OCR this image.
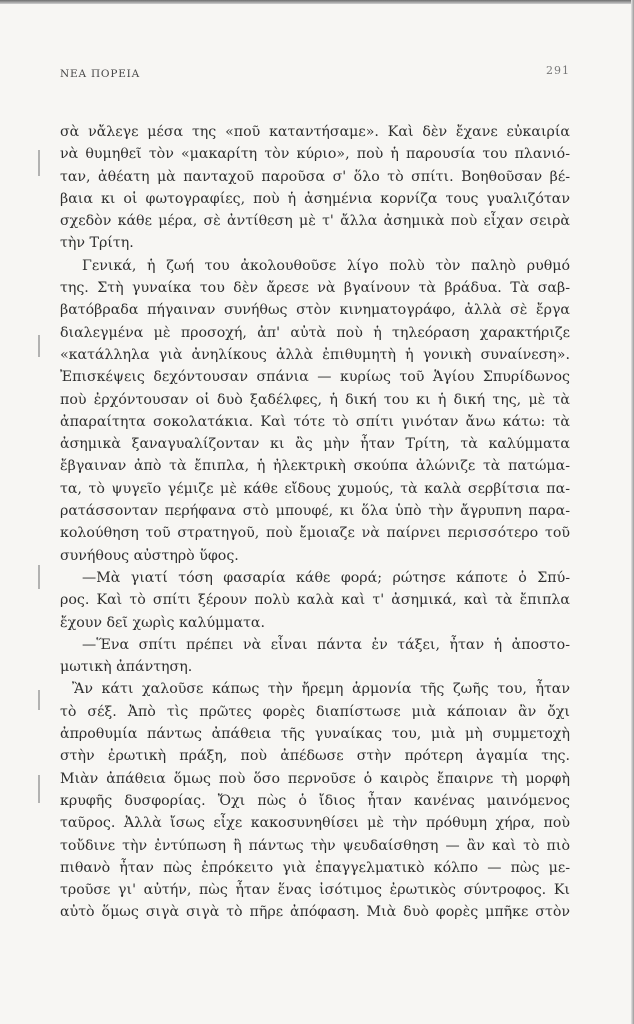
ΝΕΑ ΠΟΡΕΙΑ	291
σὰ νἄλεγε μέσα της «ποῦ καταντήσαμε». Καὶ δὲν ἔχανε εὐκαιρία
νὰ θυμηθεῖ τὸν «μακαρίτη τὸν κύριο», ποὺ ἡ παρουσία του πλανιό-
ταν, ἀθέατη μὰ πανταχοῦ παροῦσα σ' ὅλο τὸ σπίτι. Βοηθοῦσαν βέ-
βαια κι οἱ φωτογραφίες, ποὺ ἡ ἀσημένια κορνίζα τους γυαλιζόταν
σχεδὸν κάθε μέρα, σὲ ἀντίθεση μὲ τ' ἄλλα ἀσημικὰ ποὺ εἶχαν σειρὰ
τὴν Τρίτη.
Γενικά, ἡ ζωή του ἀκολουθοῦσε λίγο πολὺ τὸν παληὸ ρυθμό
της. Στὴ γυναίκα του δὲν ἄρεσε νὰ βγαίνουν τὰ βράδυα. Τὰ σαβ-
βατόβραδα πήγαιναν συνήθως στὸν κινηματογράφο, ἀλλὰ σὲ ἔργα
διαλεγμένα μὲ προσοχή, ἀπ' αὐτὰ ποὺ ἡ τηλεόραση χαρακτήριζε
«κατάλληλα γιὰ ἀνηλίκους ἀλλὰ ἐπιθυμητὴ ἡ γονικὴ συναίνεση».
Ἐπισκέψεις δεχόντουσαν σπάνια — κυρίως τοῦ Ἁγίου Σπυρίδωνος
ποὺ ἐρχόντουσαν οἱ δυὸ ξαδέλφες, ἡ δική του κι ἡ δική της, μὲ τὰ
ἀπαραίτητα σοκολατάκια. Καὶ τότε τὸ σπίτι γινόταν ἄνω κάτω: τὰ
ἀσημικὰ ξαναγυαλίζονταν κι ἂς μὴν ἦταν Τρίτη, τὰ καλύμματα
ἔβγαιναν ἀπὸ τὰ ἔπιπλα, ἡ ἠλεκτρικὴ σκούπα ἀλώνιζε τὰ πατώμα-
τα, τὸ ψυγεῖο γέμιζε μὲ κάθε εἴδους χυμούς, τὰ καλὰ σερβίτσια πα-
ρατάσσονταν περήφανα στὸ μπουφέ, κι ὅλα ὑπὸ τὴν ἄγρυπνη παρα-
κολούθηση τοῦ στρατηγοῦ, ποὺ ἔμοιαζε νὰ παίρνει περισσότερο τοῦ
συνήθους αὐστηρὸ ὕφος.
—Μὰ γιατί τόση φασαρία κάθε φορά; ρώτησε κάποτε ὁ Σπύ-
ρος. Καὶ τὸ σπίτι ξέρουν πολὺ καλὰ καὶ τ' ἀσημικά, καὶ τὰ ἔπιπλα
ἔχουν δεῖ χωρὶς καλύμματα.
—Ἕνα σπίτι πρέπει νὰ εἶναι πάντα ἐν τάξει, ἦταν ἡ ἀποστο-
μωτικὴ ἀπάντηση.
Ἂν κάτι χαλοῦσε κάπως τὴν ἤρεμη ἁρμονία τῆς ζωῆς του, ἦταν
τὸ σέξ. Ἀπὸ τὶς πρῶτες φορὲς διαπίστωσε μιὰ κάποιαν ἂν ὄχι
ἀπροθυμία πάντως ἀπάθεια τῆς γυναίκας του, μιὰ μὴ συμμετοχὴ
στὴν ἐρωτικὴ πράξη, ποὺ ἀπέδωσε στὴν πρότερη ἀγαμία της.
Μιὰν ἀπάθεια ὅμως ποὺ ὅσο περνοῦσε ὁ καιρὸς ἔπαιρνε τὴ μορφὴ
κρυφῆς δυσφορίας. Ὄχι πὼς ὁ ἴδιος ἦταν κανένας μαινόμενος
ταῦρος. Ἀλλὰ ἴσως εἶχε κακοσυνηθίσει μὲ τὴν πρόθυμη χήρα, ποὺ
τοὔδινε τὴν ἐντύπωση ἢ πάντως τὴν ψευδαίσθηση — ἂν καὶ τὸ πιὸ
πιθανὸ ἦταν πὼς ἐπρόκειτο γιὰ ἐπαγγελματικὸ κόλπο — πὼς με-
τροῦσε γι' αὐτήν, πὼς ἦταν ἕνας ἰσότιμος ἐρωτικὸς σύντροφος. Κι
αὐτὸ ὅμως σιγὰ σιγὰ τὸ πῆρε ἀπόφαση. Μιὰ δυὸ φορὲς μπῆκε στὸν
